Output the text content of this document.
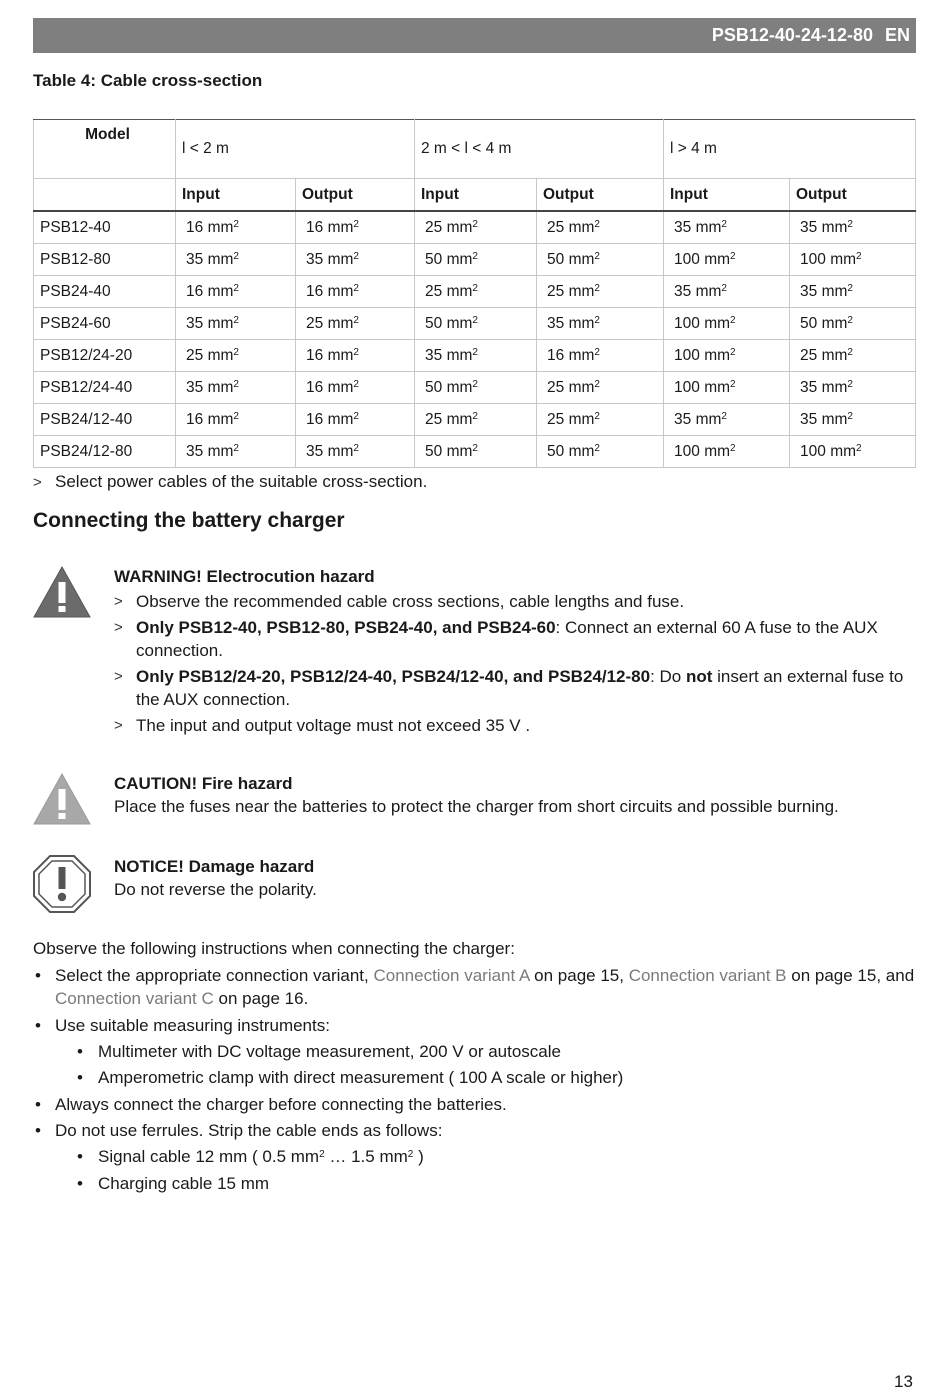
PSB12-40-24-12-80 EN
Table 4: Cable cross-section
Model	l < 2 m		2 m < l < 4 m		l > 4 m	
	Input	Output	Input	Output	Input	Output
PSB12-40	16 $mm^2$	16 $mm^2$	25 $mm^2$	25 $mm^2$	35 $mm^2$	35 $mm^2$
PSB12-80	35 $mm^2$	35 $mm^2$	50 $mm^2$	50 $mm^2$	100 $mm^2$	100 $mm^2$
PSB24-40	16 $mm^2$	16 $mm^2$	25 $mm^2$	25 $mm^2$	35 $mm^2$	35 $mm^2$
PSB24-60	35 $mm^2$	25 $mm^2$	50 $mm^2$	35 $mm^2$	100 $mm^2$	50 $mm^2$
PSB12/24-20	25 $mm^2$	16 $mm^2$	35 $mm^2$	16 $mm^2$	100 $mm^2$	25 $mm^2$
PSB12/24-40	35 $mm^2$	16 $mm^2$	50 $mm^2$	25 $mm^2$	100 $mm^2$	35 $mm^2$
PSB24/12-40	16 $mm^2$	16 $mm^2$	25 $mm^2$	25 $mm^2$	35 $mm^2$	35 $mm^2$
PSB24/12-80	35 $mm^2$	35 $mm^2$	50 $mm^2$	50 $mm^2$	100 $mm^2$	100 $mm^2$
> Select power cables of the suitable cross-section.
Connecting the battery charger
WARNING! Electrocution hazard
> Observe the recommended cable cross sections, cable lengths and fuse.
> Only PSB12-40, PSB12-80, PSB24-40, and PSB24-60: Connect an external 60 A fuse to the AUX connection.
> Only PSB12/24-20, PSB12/24-40, PSB24/12-40, and PSB24/12-80: Do not insert an external fuse to the AUX connection.
> The input and output voltage must not exceed 35 V .
CAUTION! Fire hazard
Place the fuses near the batteries to protect the charger from short circuits and possible burning.
NOTICE! Damage hazard
Do not reverse the polarity.

Observe the following instructions when connecting the charger:

• Select the appropriate connection variant, Connection variant A on page 15, Connection variant B on page 15, and Connection variant C on page 16.
• Use suitable measuring instruments:
• Multimeter with DC voltage measurement, 200 V or autoscale
• Amperometric clamp with direct measurement ( 100 A scale or higher)
• Always connect the charger before connecting the batteries.
• Do not use ferrules. Strip the cable ends as follows:
• Signal cable 12 mm ( 0.5 $mm^2$ … 1.5 $mm^2$ )
• Charging cable 15 mm
13
